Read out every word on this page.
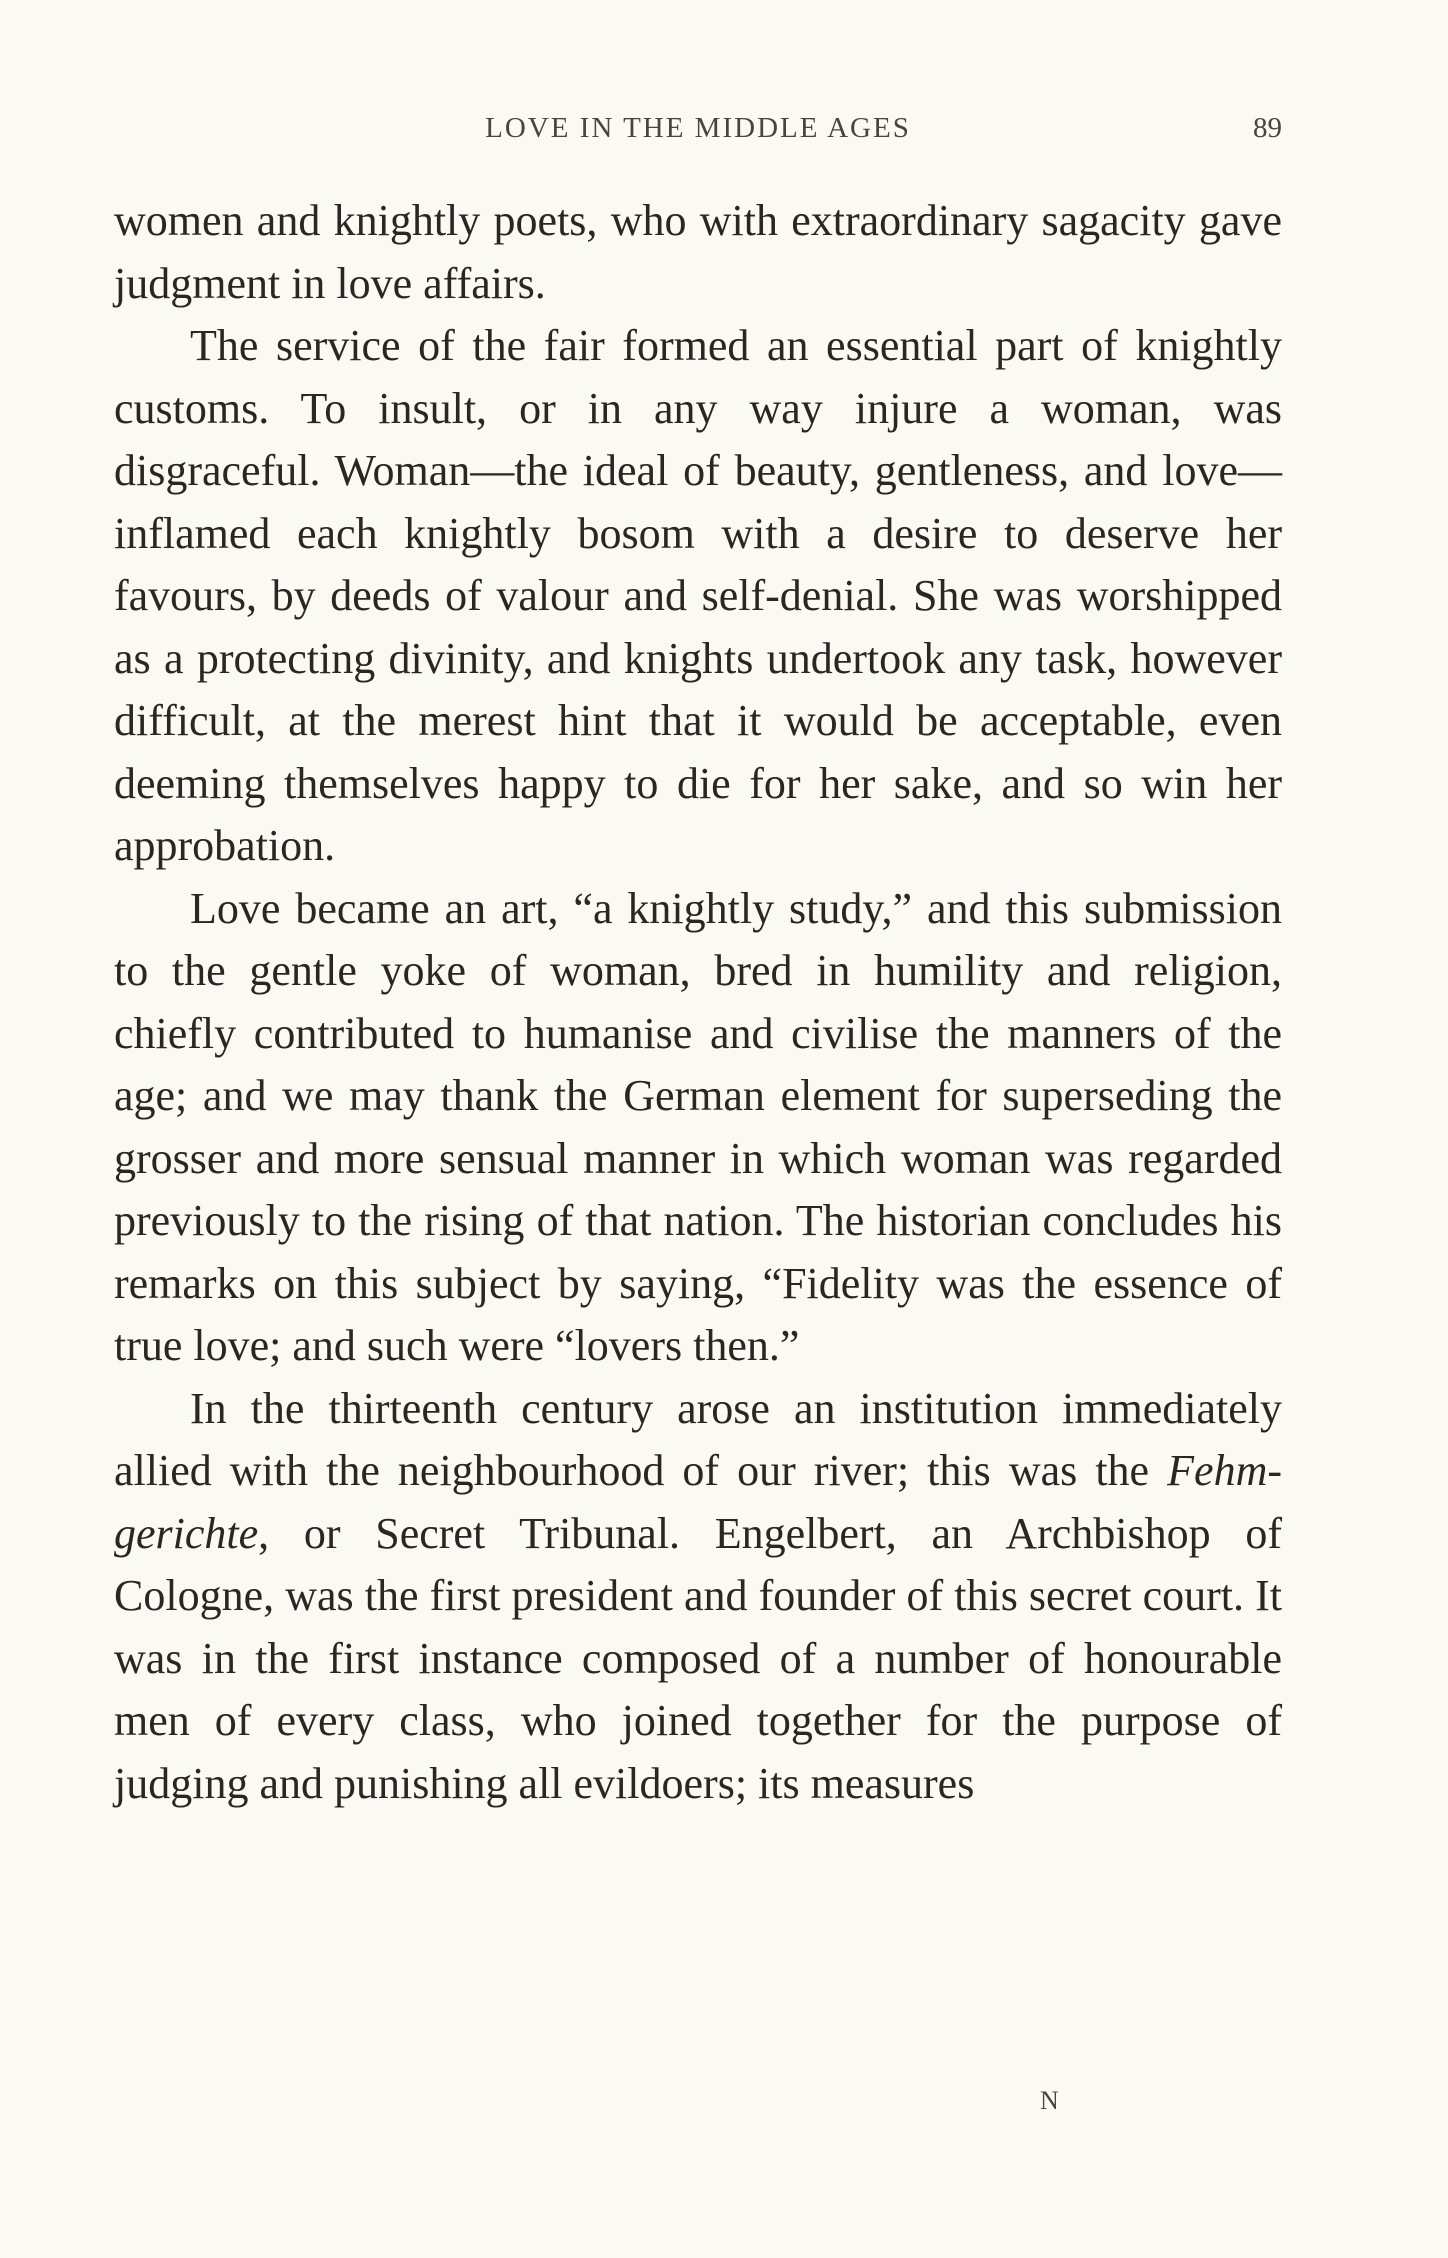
LOVE IN THE MIDDLE AGES	89

women and knightly poets, who with extraordinary sagacity gave judgment in love affairs.

The service of the fair formed an essential part of knightly customs. To insult, or in any way injure a woman, was disgraceful. Woman—the ideal of beauty, gentleness, and love—inflamed each knightly bosom with a desire to deserve her favours, by deeds of valour and self-denial. She was worshipped as a protecting divinity, and knights undertook any task, however difficult, at the merest hint that it would be acceptable, even deeming themselves happy to die for her sake, and so win her approbation.

Love became an art, “a knightly study,” and this submission to the gentle yoke of woman, bred in humility and religion, chiefly contributed to humanise and civilise the manners of the age; and we may thank the German element for superseding the grosser and more sensual manner in which woman was regarded previously to the rising of that nation. The historian concludes his remarks on this subject by saying, “Fidelity was the essence of true love; and such were “lovers then.”

In the thirteenth century arose an institution immediately allied with the neighbourhood of our river; this was the Fehm-gerichte, or Secret Tribunal. Engelbert, an Archbishop of Cologne, was the first president and founder of this secret court. It was in the first instance composed of a number of honourable men of every class, who joined together for the purpose of judging and punishing all evildoers; its measures

N
